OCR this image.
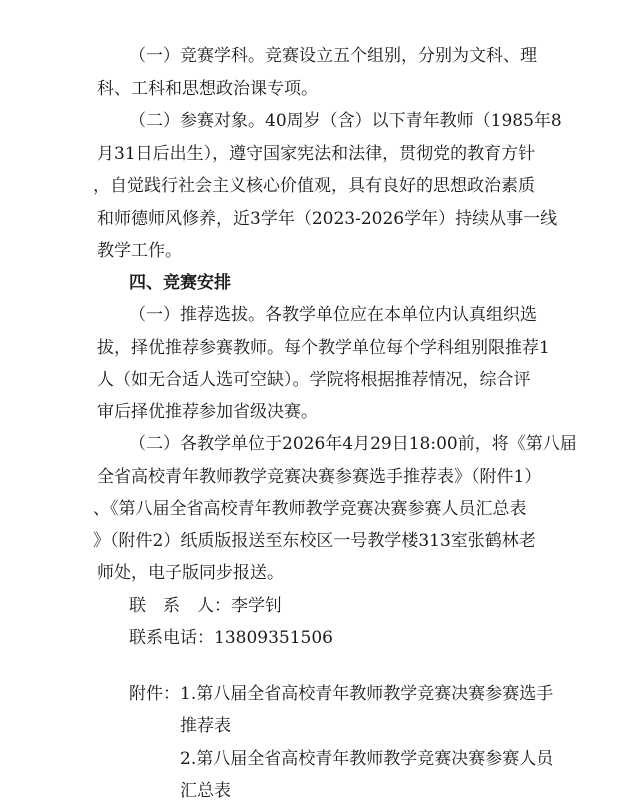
（一）竞赛学科。竞赛设立五个组别，分别为文科、理
科、工科和思想政治课专项。
（二）参赛对象。40周岁（含）以下青年教师（1985年8
月31日后出生），遵守国家宪法和法律，贯彻党的教育方针
，自觉践行社会主义核心价值观，具有良好的思想政治素质
和师德师风修养，近3学年（2023-2026学年）持续从事一线
教学工作。
四、竞赛安排
（一）推荐选拔。各教学单位应在本单位内认真组织选
拔，择优推荐参赛教师。每个教学单位每个学科组别限推荐1
人（如无合适人选可空缺）。学院将根据推荐情况，综合评
审后择优推荐参加省级决赛。
（二）各教学单位于2026年4月29日18:00前，将《第八届
全省高校青年教师教学竞赛决赛参赛选手推荐表》（附件1）
、《第八届全省高校青年教师教学竞赛决赛参赛人员汇总表
》（附件2）纸质版报送至东校区一号教学楼313室张鹤林老
师处，电子版同步报送。
联　系　人：李学钊
联系电话：13809351506
附件：1.第八届全省高校青年教师教学竞赛决赛参赛选手
推荐表
2.第八届全省高校青年教师教学竞赛决赛参赛人员
汇总表
